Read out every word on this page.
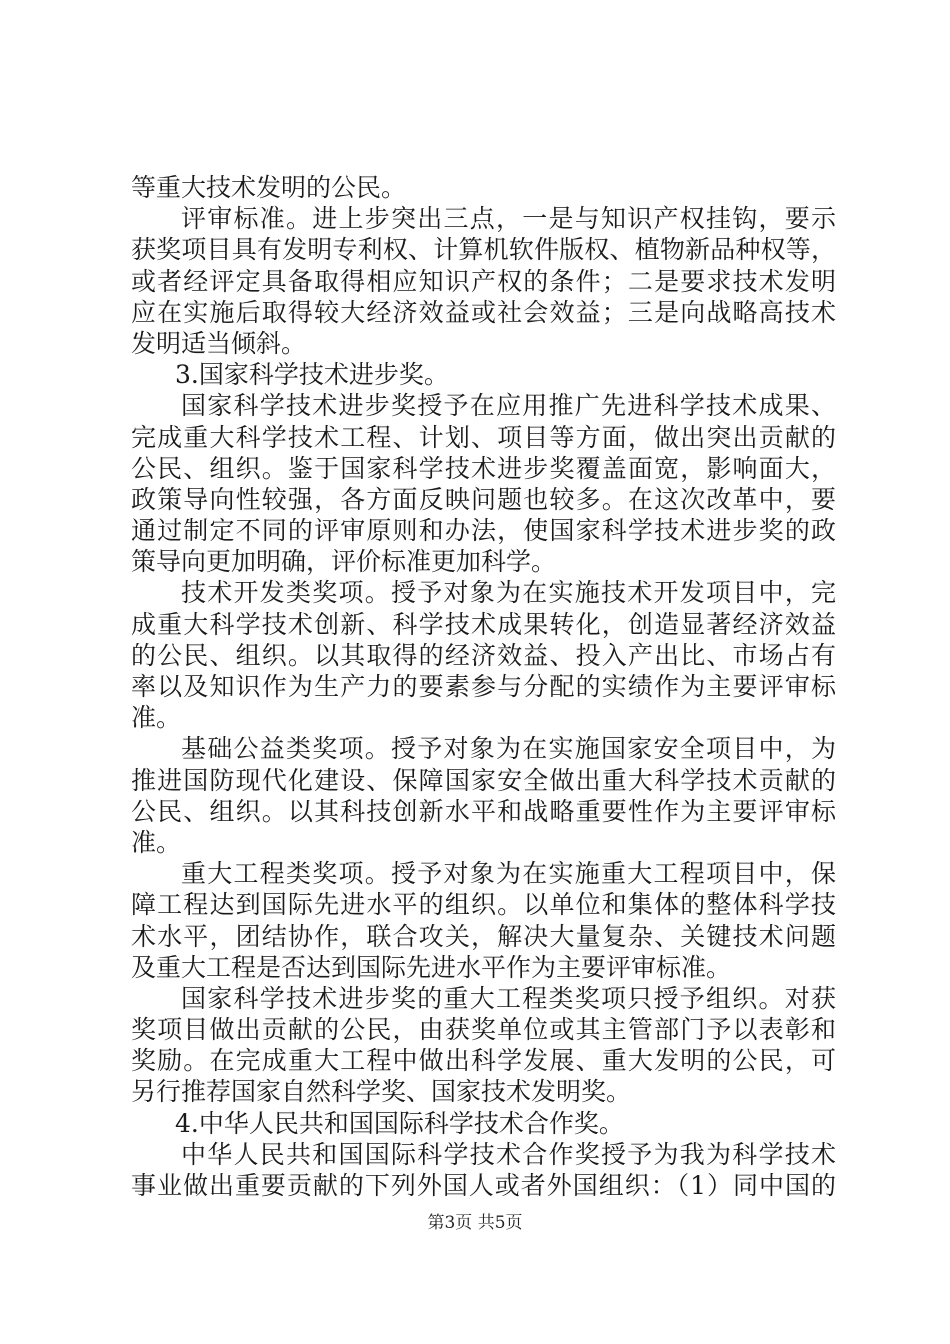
等重大技术发明的公民。
评审标准。进上步突出三点，一是与知识产权挂钩，要示
获奖项目具有发明专利权、计算机软件版权、植物新品种权等，
或者经评定具备取得相应知识产权的条件；二是要求技术发明
应在实施后取得较大经济效益或社会效益；三是向战略高技术
发明适当倾斜。
3.国家科学技术进步奖。
国家科学技术进步奖授予在应用推广先进科学技术成果、
完成重大科学技术工程、计划、项目等方面，做出突出贡献的
公民、组织。鉴于国家科学技术进步奖覆盖面宽，影响面大，
政策导向性较强，各方面反映问题也较多。在这次改革中，要
通过制定不同的评审原则和办法，使国家科学技术进步奖的政
策导向更加明确，评价标准更加科学。
技术开发类奖项。授予对象为在实施技术开发项目中，完
成重大科学技术创新、科学技术成果转化，创造显著经济效益
的公民、组织。以其取得的经济效益、投入产出比、市场占有
率以及知识作为生产力的要素参与分配的实绩作为主要评审标
准。
基础公益类奖项。授予对象为在实施国家安全项目中，为
推进国防现代化建设、保障国家安全做出重大科学技术贡献的
公民、组织。以其科技创新水平和战略重要性作为主要评审标
准。
重大工程类奖项。授予对象为在实施重大工程项目中，保
障工程达到国际先进水平的组织。以单位和集体的整体科学技
术水平，团结协作，联合攻关，解决大量复杂、关键技术问题
及重大工程是否达到国际先进水平作为主要评审标准。
国家科学技术进步奖的重大工程类奖项只授予组织。对获
奖项目做出贡献的公民，由获奖单位或其主管部门予以表彰和
奖励。在完成重大工程中做出科学发展、重大发明的公民，可
另行推荐国家自然科学奖、国家技术发明奖。
4.中华人民共和国国际科学技术合作奖。
中华人民共和国国际科学技术合作奖授予为我为科学技术
事业做出重要贡献的下列外国人或者外国组织：（1）同中国的
第3页 共5页
